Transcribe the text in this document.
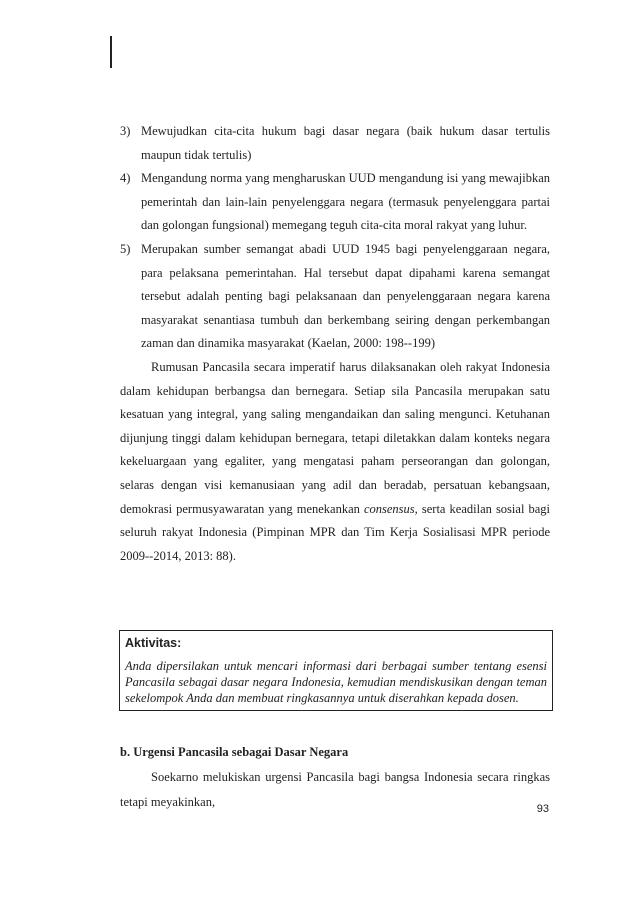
3) Mewujudkan cita-cita hukum bagi dasar negara (baik hukum dasar tertulis maupun tidak tertulis)
4) Mengandung norma yang mengharuskan UUD mengandung isi yang mewajibkan pemerintah dan lain-lain penyelenggara negara (termasuk penyelenggara partai dan golongan fungsional) memegang teguh cita-cita moral rakyat yang luhur.
5) Merupakan sumber semangat abadi UUD 1945 bagi penyelenggaraan negara, para pelaksana pemerintahan. Hal tersebut dapat dipahami karena semangat tersebut adalah penting bagi pelaksanaan dan penyelenggaraan negara karena masyarakat senantiasa tumbuh dan berkembang seiring dengan perkembangan zaman dan dinamika masyarakat (Kaelan, 2000: 198--199)

Rumusan Pancasila secara imperatif harus dilaksanakan oleh rakyat Indonesia dalam kehidupan berbangsa dan bernegara. Setiap sila Pancasila merupakan satu kesatuan yang integral, yang saling mengandaikan dan saling mengunci. Ketuhanan dijunjung tinggi dalam kehidupan bernegara, tetapi diletakkan dalam konteks negara kekeluargaan yang egaliter, yang mengatasi paham perseorangan dan golongan, selaras dengan visi kemanusiaan yang adil dan beradab, persatuan kebangsaan, demokrasi permusyawaratan yang menekankan consensus, serta keadilan sosial bagi seluruh rakyat Indonesia (Pimpinan MPR dan Tim Kerja Sosialisasi MPR periode 2009--2014, 2013: 88).

Aktivitas:
Anda dipersilakan untuk mencari informasi dari berbagai sumber tentang esensi Pancasila sebagai dasar negara Indonesia, kemudian mendiskusikan dengan teman sekelompok Anda dan membuat ringkasannya untuk diserahkan kepada dosen.
b. Urgensi Pancasila sebagai Dasar Negara

Soekarno melukiskan urgensi Pancasila bagi bangsa Indonesia secara ringkas tetapi meyakinkan,	93
